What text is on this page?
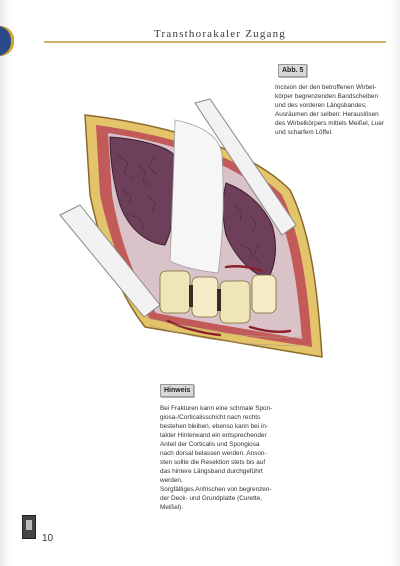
Transthorakaler Zugang
Abb. 5
Incision der den betroffenen Wirbel-
körper begrenzenden Bandscheiben
und des vorderen Längsbandes;
Ausräumen der selben: Herauslösen
des Wirbelkörpers mittels Meißel, Luer
und scharfem Löffel.
Hinweis
Bei Frakturen kann eine schmale Spon-
giosa-/Corticalisschicht nach rechts
bestehen bleiben, ebenso kann bei in-
takter Hinterwand ein entsprechender
Anteil der Corticalis und Spongiosa
nach dorsal belassen werden. Anson-
sten sollte die Resektion stets bis auf
das hintere Längsband durchgeführt
werden.
Sorgfältiges Anfrischen von begrenzen-
der Deck- und Grundplatte (Curette,
Meißel).
10
